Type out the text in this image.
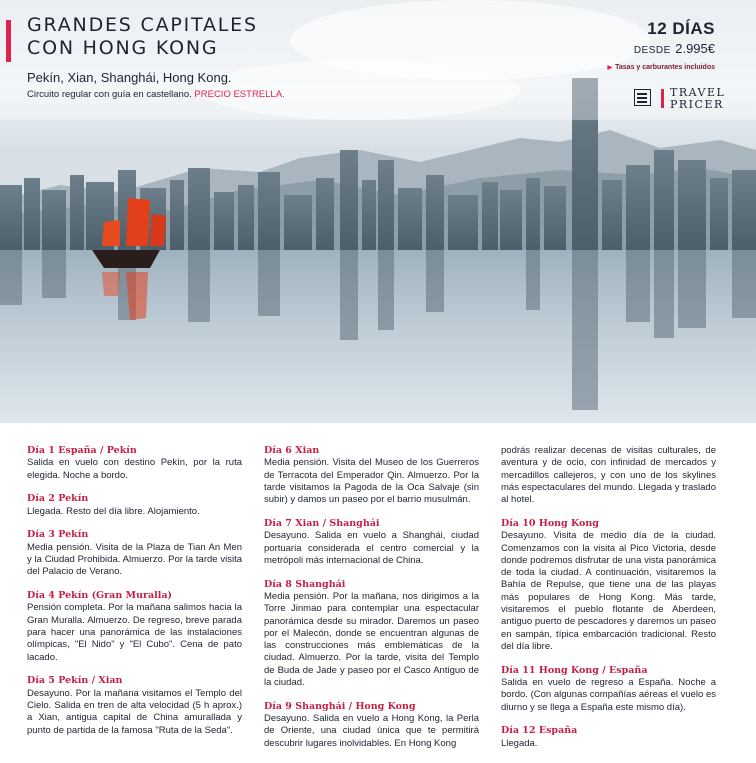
GRANDES CAPITALES
CON HONG KONG
Pekín, Xian, Shanghái, Hong Kong.
Circuito regular con guía en castellano. PRECIO ESTRELLA.
12 DÍAS
DESDE 2.995€
▶ Tasas y carburantes incluidos
TRAVEL
PRICER
Día 1 España / Pekín
Salida en vuelo con destino Pekín, por la ruta elegida. Noche a bordo.
Día 2 Pekín
Llegada. Resto del día libre. Alojamiento.
Día 3 Pekín
Media pensión. Visita de la Plaza de Tian An Men y la Ciudad Prohibida. Almuerzo. Por la tarde visita del Palacio de Verano.
Día 4 Pekín (Gran Muralla)
Pensión completa. Por la mañana salimos hacia la Gran Muralla. Almuerzo. De regreso, breve parada para hacer una panorámica de las instalaciones olímpicas, "El Nido" y "El Cubo". Cena de pato lacado.
Día 5 Pekín / Xian
Desayuno. Por la mañana visitamos el Templo del Cielo. Salida en tren de alta velocidad (5 h aprox.) a Xian, antigua capital de China amurallada y punto de partida de la famosa "Ruta de la Seda".
Día 6 Xian
Media pensión. Visita del Museo de los Guerreros de Terracota del Emperador Qin. Almuerzo. Por la tarde visitamos la Pagoda de la Oca Salvaje (sin subir) y damos un paseo por el barrio musulmán.
Día 7 Xian / Shanghái
Desayuno. Salida en vuelo a Shanghái, ciudad portuaria considerada el centro comercial y la metrópoli más internacional de China.
Día 8 Shanghái
Media pensión. Por la mañana, nos dirigimos a la Torre Jinmao para contemplar una espectacular panorámica desde su mirador. Daremos un paseo por el Malecón, donde se encuentran algunas de las construcciones más emblemáticas de la ciudad. Almuerzo. Por la tarde, visita del Templo de Buda de Jade y paseo por el Casco Antiguo de la ciudad.
Día 9 Shanghái / Hong Kong
Desayuno. Salida en vuelo a Hong Kong, la Perla de Oriente, una ciudad única que te permitirá descubrir lugares inolvidables. En Hong Kong
podrás realizar decenas de visitas culturales, de aventura y de ocio, con infinidad de mercados y mercadillos callejeros, y con uno de los skylines más espectaculares del mundo. Llegada y traslado al hotel.
Día 10 Hong Kong
Desayuno. Visita de medio día de la ciudad. Comenzamos con la visita al Pico Victoria, desde donde podremos disfrutar de una vista panorámica de toda la ciudad. A continuación, visitaremos la Bahía de Repulse, que tiene una de las playas más populares de Hong Kong. Más tarde, visitaremos el pueblo flotante de Aberdeen, antiguo puerto de pescadores y daremos un paseo en sampán, típica embarcación tradicional. Resto del día libre.
Día 11 Hong Kong / España
Salida en vuelo de regreso a España. Noche a bordo. (Con algunas compañías aéreas el vuelo es diurno y se llega a España este mismo día).
Día 12 España
Llegada.
